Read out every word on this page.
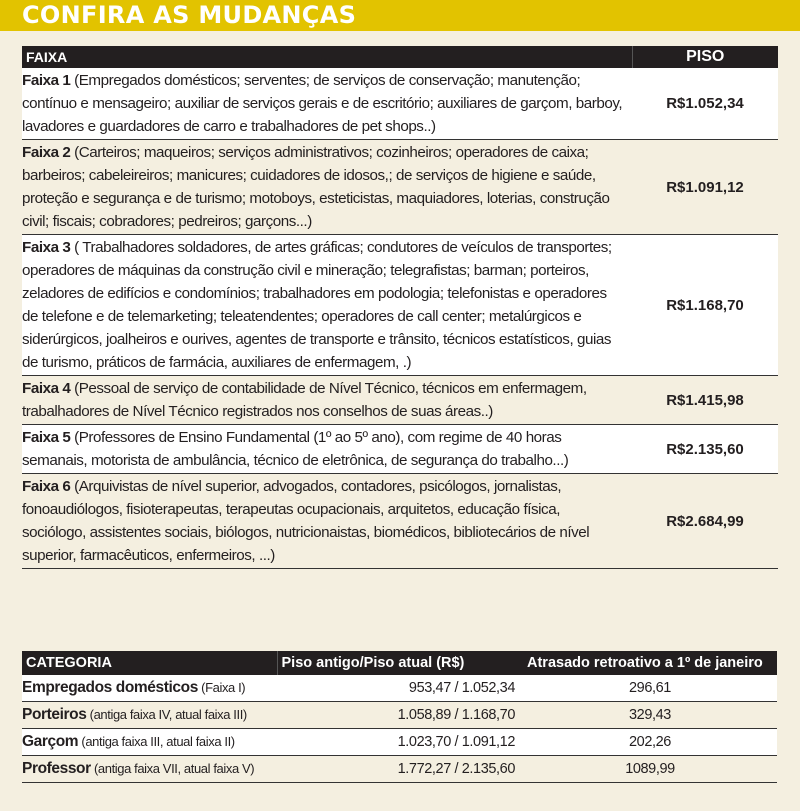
CONFIRA AS MUDANÇAS
FAIXA	PISO
Faixa 1 (Empregados domésticos; serventes; de serviços de conservação; manutenção; contínuo e mensageiro; auxiliar de serviços gerais e de escritório; auxiliares de garçom, barboy, lavadores e guardadores de carro e trabalhadores de pet shops..)	R$1.052,34
Faixa 2 (Carteiros; maqueiros; serviços administrativos; cozinheiros; operadores de caixa; barbeiros; cabeleireiros; manicures; cuidadores de idosos,; de serviços de higiene e saúde, proteção e segurança e de turismo; motoboys, esteticistas, maquiadores, loterias, construção civil; fiscais; cobradores; pedreiros; garçons...)	R$1.091,12
Faixa 3 ( Trabalhadores soldadores, de artes gráficas; condutores de veículos de transportes; operadores de máquinas da construção civil e mineração; telegrafistas; barman; porteiros, zeladores de edifícios e condomínios; trabalhadores em podologia; telefonistas e operadores de telefone e de telemarketing; teleatendentes; operadores de call center; metalúrgicos e siderúrgicos, joalheiros e ourives, agentes de transporte e trânsito, técnicos estatísticos, guias de turismo, práticos de farmácia, auxiliares de enfermagem, .)	R$1.168,70
Faixa 4 (Pessoal de serviço de contabilidade de Nível Técnico, técnicos em enfermagem, trabalhadores de Nível Técnico registrados nos conselhos de suas áreas..)	R$1.415,98
Faixa 5 (Professores de Ensino Fundamental (1º ao 5º ano), com regime de 40 horas semanais, motorista de ambulância, técnico de eletrônica, de segurança do trabalho...)	R$2.135,60
Faixa 6 (Arquivistas de nível superior, advogados, contadores, psicólogos, jornalistas, fonoaudiólogos, fisioterapeutas, terapeutas ocupacionais, arquitetos, educação física, sociólogo, assistentes sociais, biólogos, nutricionaistas, biomédicos, bibliotecários de nível superior, farmacêuticos, enfermeiros, ...)	R$2.684,99
CATEGORIA	Piso antigo/Piso atual (R$)	Atrasado retroativo a 1º de janeiro
Empregados domésticos (Faixa I)	953,47 / 1.052,34	296,61
Porteiros (antiga faixa IV, atual faixa III)	1.058,89 / 1.168,70	329,43
Garçom (antiga faixa III, atual faixa II)	1.023,70 / 1.091,12	202,26
Professor (antiga faixa VII, atual faixa V)	1.772,27 / 2.135,60	1089,99
